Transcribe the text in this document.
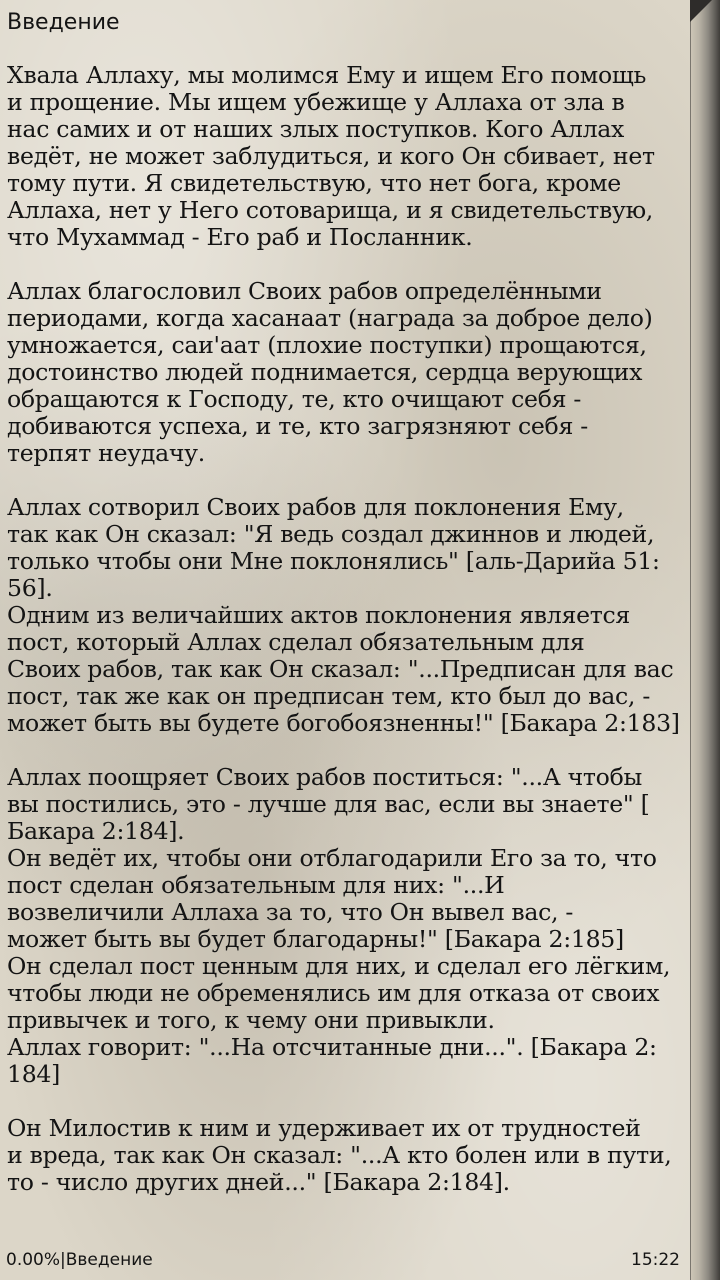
Введение

Хвала Аллаху, мы молимся Ему и ищем Его помощь
и прощение. Мы ищем убежище у Аллаха от зла в
нас самих и от наших злых поступков. Кого Аллах
ведёт, не может заблудиться, и кого Он сбивает, нет
тому пути. Я свидетельствую, что нет бога, кроме
Аллаха, нет у Него сотоварища, и я свидетельствую,
что Мухаммад - Его раб и Посланник.

Аллах благословил Своих рабов определёнными
периодами, когда хасанаат (награда за доброе дело)
умножается, саи'аат (плохие поступки) прощаются,
достоинство людей поднимается, сердца верующих
обращаются к Господу, те, кто очищают себя -
добиваются успеха, и те, кто загрязняют себя -
терпят неудачу.

Аллах сотворил Своих рабов для поклонения Ему,
так как Он сказал: "Я ведь создал джиннов и людей,
только чтобы они Мне поклонялись" [аль-Дарийа 51:
56].
Одним из величайших актов поклонения является
пост, который Аллах сделал обязательным для
Своих рабов, так как Он сказал: "...Предписан для вас
пост, так же как он предписан тем, кто был до вас, -
может быть вы будете богобоязненны!" [Бакара 2:183]

Аллах поощряет Своих рабов поститься: "...А чтобы
вы постились, это - лучше для вас, если вы знаете" [
Бакара 2:184].
Он ведёт их, чтобы они отблагодарили Его за то, что
пост сделан обязательным для них: "...И
возвеличили Аллаха за то, что Он вывел вас, -
может быть вы будет благодарны!" [Бакара 2:185]
Он сделал пост ценным для них, и сделал его лёгким,
чтобы люди не обременялись им для отказа от своих
привычек и того, к чему они привыкли.
Аллах говорит: "...На отсчитанные дни...". [Бакара 2:
184]

Он Милостив к ним и удерживает их от трудностей
и вреда, так как Он сказал: "...А кто болен или в пути,
то - число других дней..." [Бакара 2:184].

0.00%|Введение	15:22
